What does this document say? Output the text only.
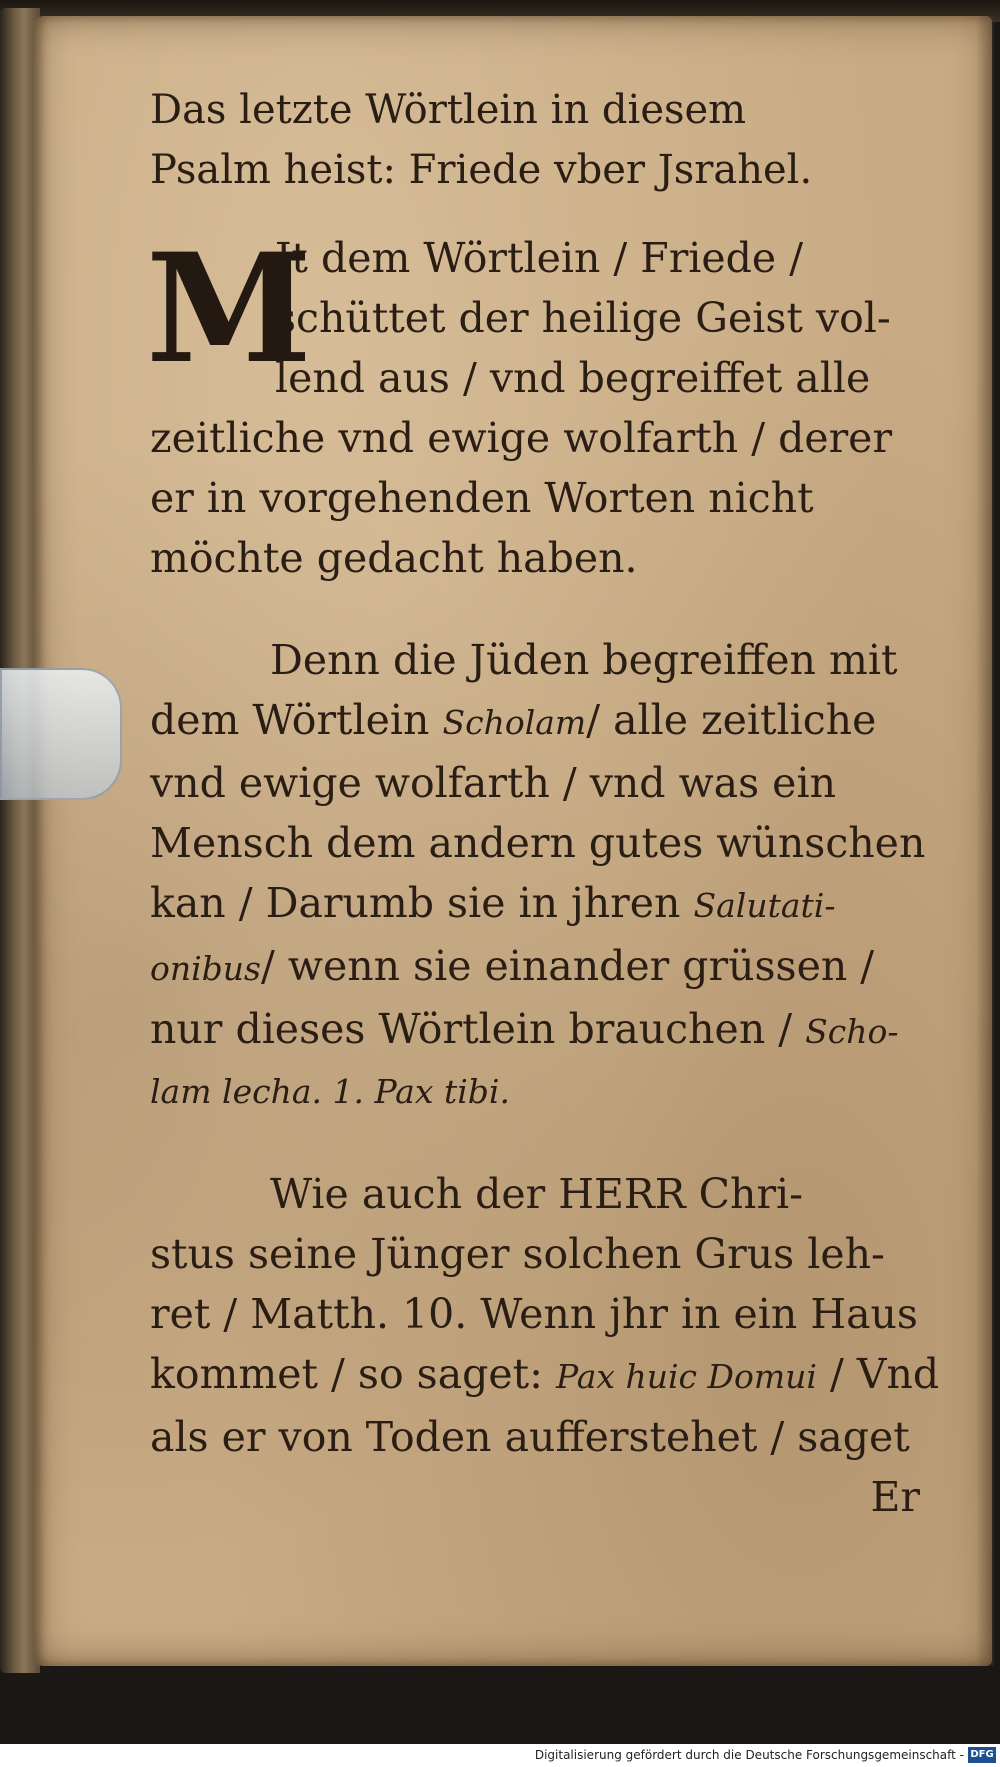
Das letzte Wörtlein in diesem
Psalm heist: Friede vber Jsrahel.
M
Jt dem Wörtlein / Friede /
schüttet der heilige Geist vol-
lend aus / vnd begreiffet alle
zeitliche vnd ewige wolfarth / derer
er in vorgehenden Worten nicht
möchte gedacht haben.
Denn die Jüden begreiffen mit
dem Wörtlein Scholam/ alle zeitliche
vnd ewige wolfarth / vnd was ein
Mensch dem andern gutes wünschen
kan / Darumb sie in jhren Salutati-
onibus/ wenn sie einander grüssen /
nur dieses Wörtlein brauchen / Scho-
lam lecha. 1. Pax tibi.
Wie auch der HERR Chri-
stus seine Jünger solchen Grus leh-
ret / Matth. 10. Wenn jhr in ein Haus
kommet / so saget: Pax huic Domui / Vnd
als er von Toden aufferstehet / saget
Er
Digitalisierung gefördert durch die Deutsche Forschungsgemeinschaft - DFG
